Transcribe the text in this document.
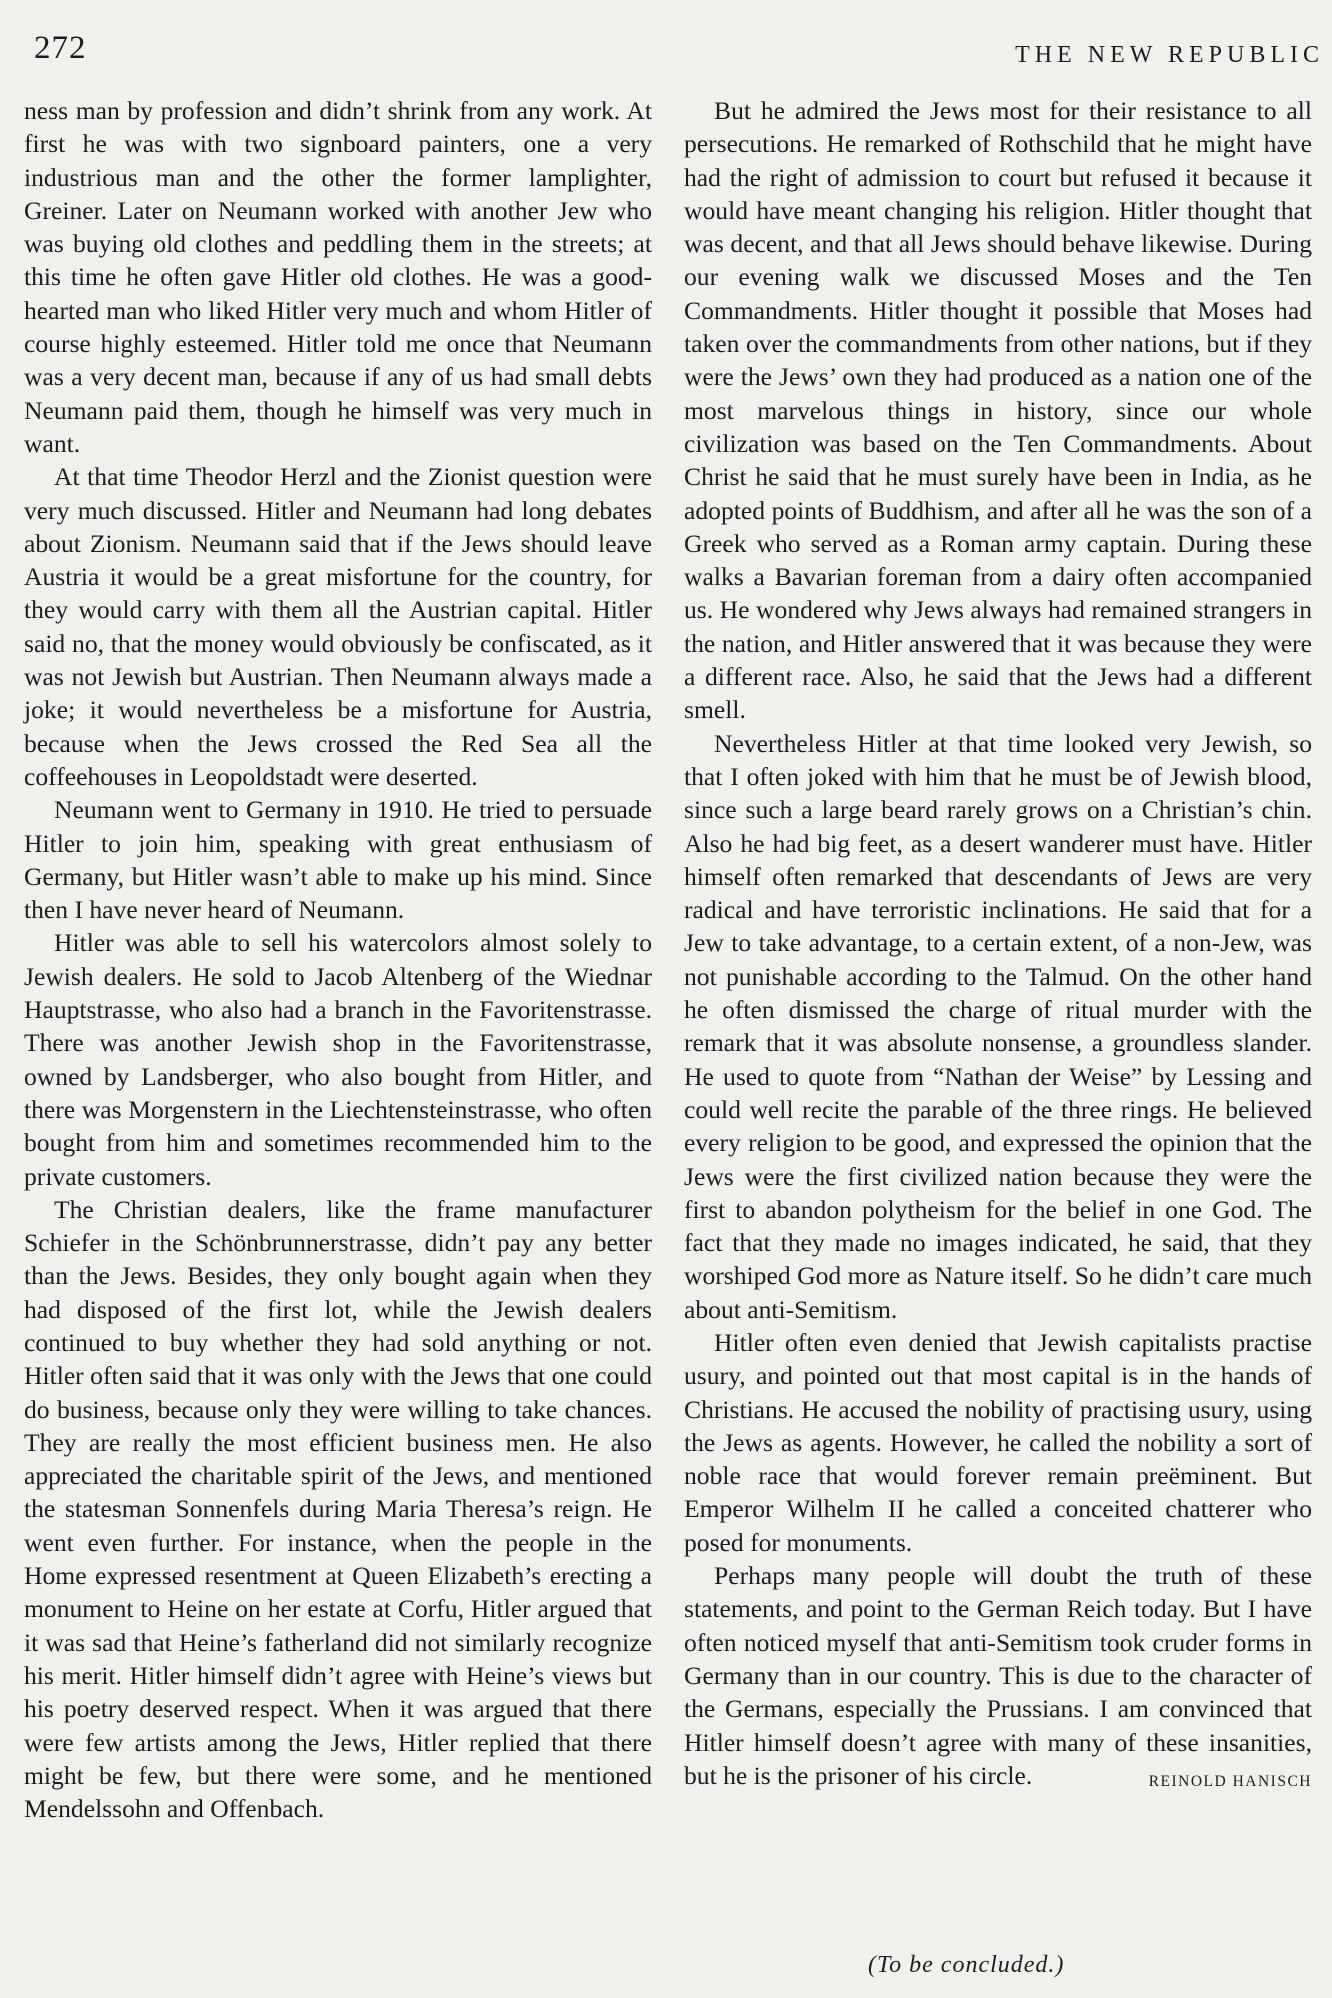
272	THE NEW REPUBLIC

ness man by profession and didn’t shrink from any work. At first he was with two signboard painters, one a very industrious man and the other the former lamplighter, Greiner. Later on Neumann worked with another Jew who was buying old clothes and peddling them in the streets; at this time he often gave Hitler old clothes. He was a good-hearted man who liked Hitler very much and whom Hitler of course highly esteemed. Hitler told me once that Neumann was a very decent man, because if any of us had small debts Neumann paid them, though he himself was very much in want.

At that time Theodor Herzl and the Zionist question were very much discussed. Hitler and Neumann had long debates about Zionism. Neumann said that if the Jews should leave Austria it would be a great misfortune for the country, for they would carry with them all the Austrian capital. Hitler said no, that the money would obviously be confiscated, as it was not Jewish but Austrian. Then Neumann always made a joke; it would nevertheless be a misfortune for Austria, because when the Jews crossed the Red Sea all the coffeehouses in Leopoldstadt were deserted.

Neumann went to Germany in 1910. He tried to persuade Hitler to join him, speaking with great enthusiasm of Germany, but Hitler wasn’t able to make up his mind. Since then I have never heard of Neumann.

Hitler was able to sell his watercolors almost solely to Jewish dealers. He sold to Jacob Altenberg of the Wiednar Hauptstrasse, who also had a branch in the Favoritenstrasse. There was another Jewish shop in the Favoritenstrasse, owned by Landsberger, who also bought from Hitler, and there was Morgenstern in the Liechtensteinstrasse, who often bought from him and sometimes recommended him to the private customers.

The Christian dealers, like the frame manufacturer Schiefer in the Schönbrunnerstrasse, didn’t pay any better than the Jews. Besides, they only bought again when they had disposed of the first lot, while the Jewish dealers continued to buy whether they had sold anything or not. Hitler often said that it was only with the Jews that one could do business, because only they were willing to take chances. They are really the most efficient business men. He also appreciated the charitable spirit of the Jews, and mentioned the statesman Sonnenfels during Maria Theresa’s reign. He went even further. For instance, when the people in the Home expressed resentment at Queen Elizabeth’s erecting a monument to Heine on her estate at Corfu, Hitler argued that it was sad that Heine’s fatherland did not similarly recognize his merit. Hitler himself didn’t agree with Heine’s views but his poetry deserved respect. When it was argued that there were few artists among the Jews, Hitler replied that there might be few, but there were some, and he mentioned Mendelssohn and Offenbach.

But he admired the Jews most for their resistance to all persecutions. He remarked of Rothschild that he might have had the right of admission to court but refused it because it would have meant changing his religion. Hitler thought that was decent, and that all Jews should behave likewise. During our evening walk we discussed Moses and the Ten Commandments. Hitler thought it possible that Moses had taken over the commandments from other nations, but if they were the Jews’ own they had produced as a nation one of the most marvelous things in history, since our whole civilization was based on the Ten Commandments. About Christ he said that he must surely have been in India, as he adopted points of Buddhism, and after all he was the son of a Greek who served as a Roman army captain. During these walks a Bavarian foreman from a dairy often accompanied us. He wondered why Jews always had remained strangers in the nation, and Hitler answered that it was because they were a different race. Also, he said that the Jews had a different smell.

Nevertheless Hitler at that time looked very Jewish, so that I often joked with him that he must be of Jewish blood, since such a large beard rarely grows on a Christian’s chin. Also he had big feet, as a desert wanderer must have. Hitler himself often remarked that descendants of Jews are very radical and have terroristic inclinations. He said that for a Jew to take advantage, to a certain extent, of a non-Jew, was not punishable according to the Talmud. On the other hand he often dismissed the charge of ritual murder with the remark that it was absolute nonsense, a groundless slander. He used to quote from “Nathan der Weise” by Lessing and could well recite the parable of the three rings. He believed every religion to be good, and expressed the opinion that the Jews were the first civilized nation because they were the first to abandon polytheism for the belief in one God. The fact that they made no images indicated, he said, that they worshiped God more as Nature itself. So he didn’t care much about anti-Semitism.

Hitler often even denied that Jewish capitalists practise usury, and pointed out that most capital is in the hands of Christians. He accused the nobility of practising usury, using the Jews as agents. However, he called the nobility a sort of noble race that would forever remain preëminent. But Emperor Wilhelm II he called a conceited chatterer who posed for monuments.

Perhaps many people will doubt the truth of these statements, and point to the German Reich today. But I have often noticed myself that anti-Semitism took cruder forms in Germany than in our country. This is due to the character of the Germans, especially the Prussians. I am convinced that Hitler himself doesn’t agree with many of these insanities, but he is the prisoner of his circle.	REINOLD HANISCH

(To be concluded.)
